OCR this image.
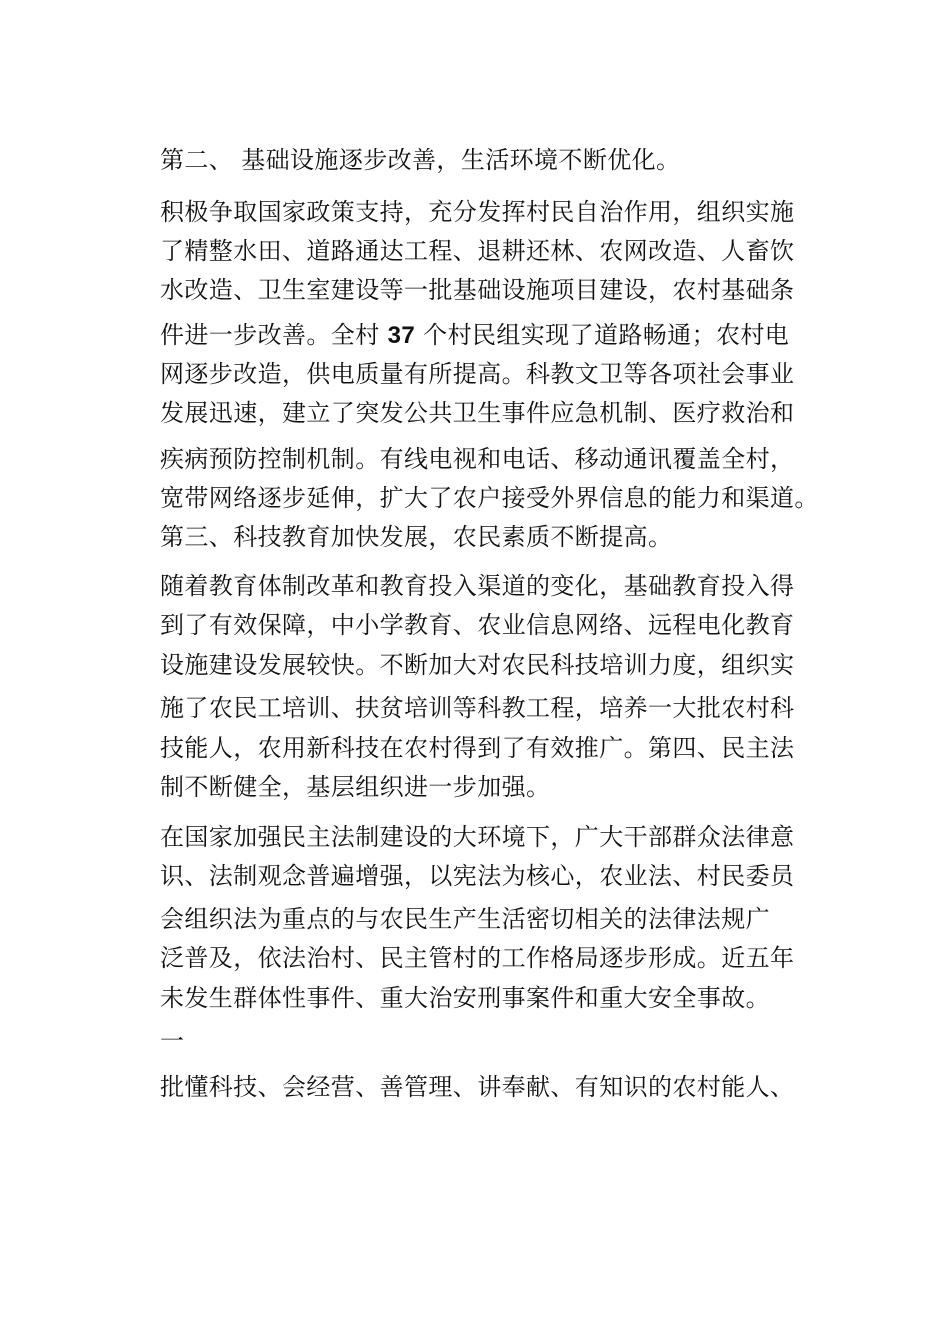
第二、 基础设施逐步改善，生活环境不断优化。
积极争取国家政策支持，充分发挥村民自治作用，组织实施
了精整水田、道路通达工程、退耕还林、农网改造、人畜饮
水改造、卫生室建设等一批基础设施项目建设，农村基础条
件进一步改善。全村 37 个村民组实现了道路畅通；农村电
网逐步改造，供电质量有所提高。科教文卫等各项社会事业
发展迅速，建立了突发公共卫生事件应急机制、医疗救治和
疾病预防控制机制。有线电视和电话、移动通讯覆盖全村，
宽带网络逐步延伸，扩大了农户接受外界信息的能力和渠道。
第三、科技教育加快发展，农民素质不断提高。
随着教育体制改革和教育投入渠道的变化，基础教育投入得
到了有效保障，中小学教育、农业信息网络、远程电化教育
设施建设发展较快。不断加大对农民科技培训力度，组织实
施了农民工培训、扶贫培训等科教工程，培养一大批农村科
技能人，农用新科技在农村得到了有效推广。第四、民主法
制不断健全，基层组织进一步加强。
在国家加强民主法制建设的大环境下，广大干部群众法律意
识、法制观念普遍增强，以宪法为核心，农业法、村民委员
会组织法为重点的与农民生产生活密切相关的法律法规广
泛普及，依法治村、民主管村的工作格局逐步形成。近五年
未发生群体性事件、重大治安刑事案件和重大安全事故。
一
批懂科技、会经营、善管理、讲奉献、有知识的农村能人、
